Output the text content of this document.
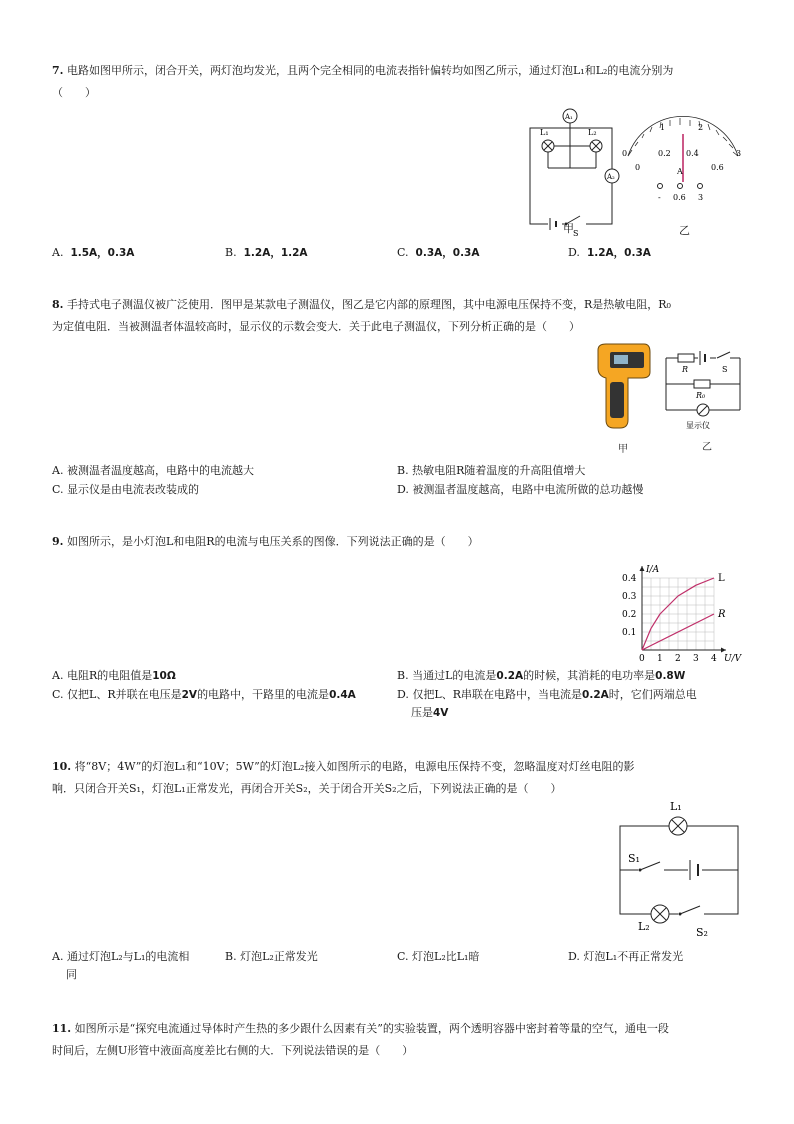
7. 电路如图甲所示，闭合开关，两灯泡均发光，且两个完全相同的电流表指针偏转均如图乙所示，通过灯泡L₁和L₂的电流分别为
（　　）
A₁
L₁	L₂
A₂
S
1	2
0.2 0.4
0	3
0	0.6
A
- 0.6 3
甲	乙
A. 1.5A，0.3A	B. 1.2A，1.2A	C. 0.3A，0.3A	D. 1.2A，0.3A
8. 手持式电子测温仪被广泛使用．图甲是某款电子测温仪，图乙是它内部的原理图，其中电源电压保持不变，R是热敏电阻，R₀
为定值电阻．当被测温者体温较高时，显示仪的示数会变大．关于此电子测温仪，下列分析正确的是（　　）
甲
R	S
R₀
显示仪
乙
A. 被测温者温度越高，电路中的电流越大	B. 热敏电阻R随着温度的升高阻值增大
C. 显示仪是由电流表改装成的	D. 被测温者温度越高，电路中电流所做的总功越慢
9. 如图所示，是小灯泡L和电阻R的电流与电压关系的图像．下列说法正确的是（　　）
0 1 2 3 4
0.1
0.2
0.3
0.4
I/A
U/V
L
R
A. 电阻R的电阻值是10Ω	B. 当通过L的电流是0.2A的时候，其消耗的电功率是0.8W
C. 仅把L、R并联在电压是2V的电路中，干路里的电流是0.4A	D. 仅把L、R串联在电路中，当电流是0.2A时，它们两端总电
压是4V
10. 将“8V；4W”的灯泡L₁和“10V；5W”的灯泡L₂接入如图所示的电路，电源电压保持不变，忽略温度对灯丝电阻的影
响．只闭合开关S₁，灯泡L₁正常发光，再闭合开关S₂，关于闭合开关S₂之后，下列说法正确的是（　　）
L₁
S₁
L₂	S₂
A. 通过灯泡L₂与L₁的电流相
同
B. 灯泡L₂正常发光	C. 灯泡L₂比L₁暗	D. 灯泡L₁不再正常发光
11. 如图所示是“探究电流通过导体时产生热的多少跟什么因素有关”的实验装置，两个透明容器中密封着等量的空气，通电一段
时间后，左侧U形管中液面高度差比右侧的大．下列说法错误的是（　　）
